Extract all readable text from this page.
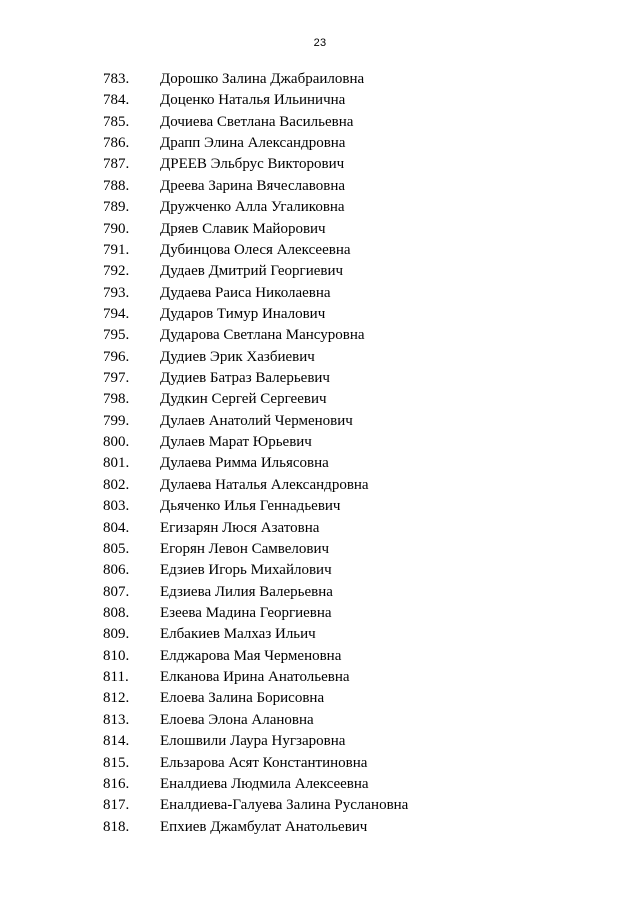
23
783. Дорошко Залина Джабраиловна
784. Доценко Наталья Ильинична
785. Дочиева Светлана Васильевна
786. Драпп Элина Александровна
787. ДРЕЕВ Эльбрус Викторович
788. Дреева Зарина Вячеславовна
789. Дружченко Алла Угаликовна
790. Дряев Славик Майорович
791. Дубинцова Олеся Алексеевна
792. Дудаев Дмитрий Георгиевич
793. Дудаева Раиса Николаевна
794. Дударов Тимур Иналович
795. Дударова Светлана Мансуровна
796. Дудиев Эрик Хазбиевич
797. Дудиев Батраз Валерьевич
798. Дудкин Сергей Сергеевич
799. Дулаев Анатолий Черменович
800. Дулаев Марат Юрьевич
801. Дулаева Римма Ильясовна
802. Дулаева Наталья Александровна
803. Дьяченко Илья Геннадьевич
804. Егизарян Люся Азатовна
805. Егорян Левон Самвелович
806. Едзиев Игорь Михайлович
807. Едзиева Лилия Валерьевна
808. Езеева Мадина Георгиевна
809. Елбакиев Малхаз Ильич
810. Елджарова Мая Черменовна
811. Елканова Ирина Анатольевна
812. Елоева Залина Борисовна
813. Елоева Элона Алановна
814. Елошвили Лаура Нугзаровна
815. Ельзарова Асят Константиновна
816. Еналдиева Людмила Алексеевна
817. Еналдиева-Галуева Залина Руслановна
818. Епхиев Джамбулат Анатольевич
